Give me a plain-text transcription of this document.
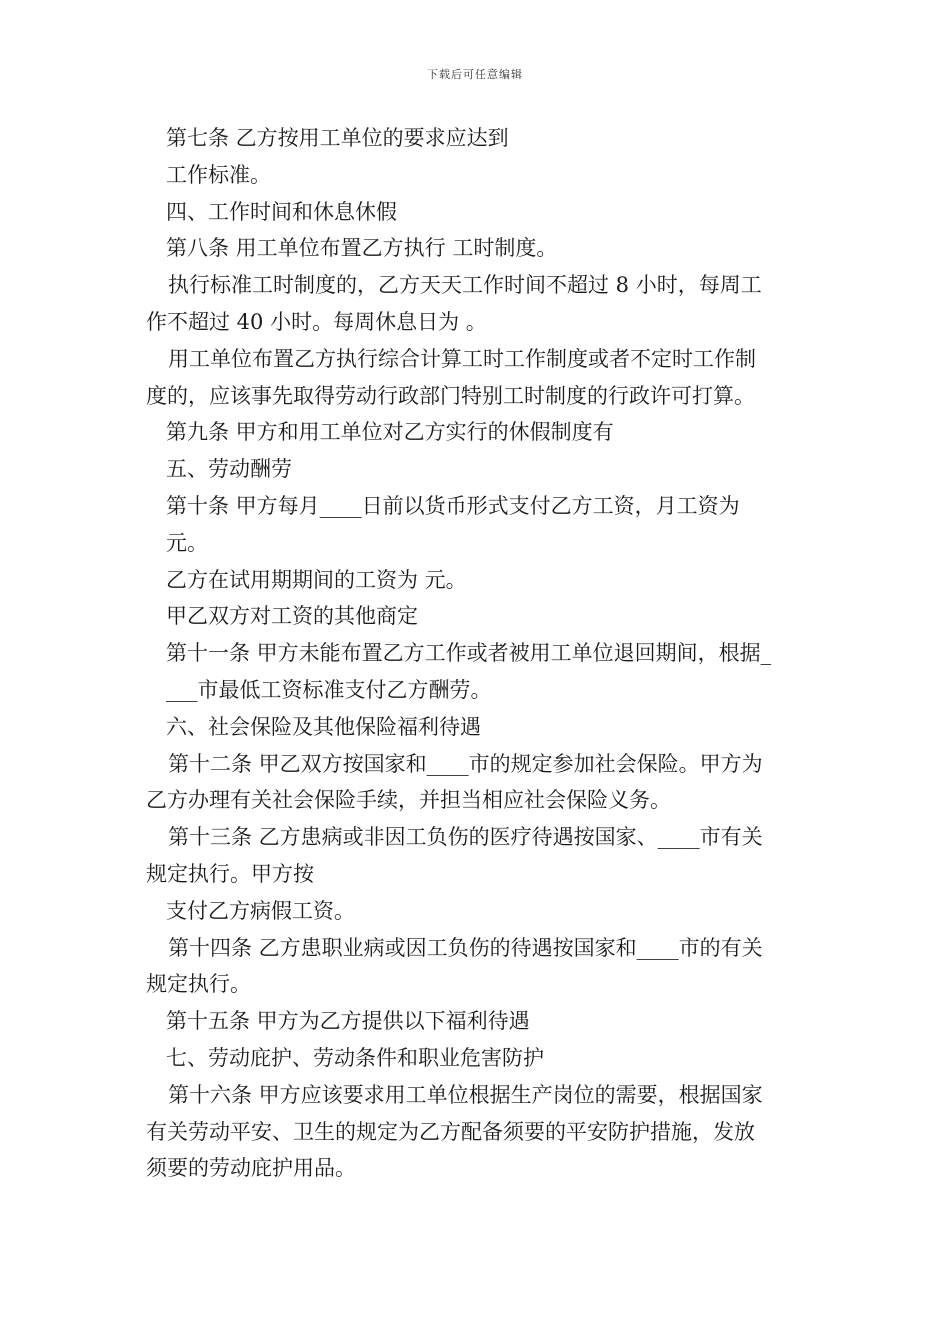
下载后可任意编辑
第七条 乙方按用工单位的要求应达到
工作标准。
四、工作时间和休息休假
第八条 用工单位布置乙方执行 工时制度。
执行标准工时制度的，乙方天天工作时间不超过 8 小时，每周工
作不超过 40 小时。每周休息日为 。
用工单位布置乙方执行综合计算工时工作制度或者不定时工作制
度的，应该事先取得劳动行政部门特别工时制度的行政许可打算。
第九条 甲方和用工单位对乙方实行的休假制度有
五、劳动酬劳
第十条 甲方每月____日前以货币形式支付乙方工资，月工资为
元。
乙方在试用期期间的工资为 元。
甲乙双方对工资的其他商定
第十一条 甲方未能布置乙方工作或者被用工单位退回期间，根据_
___市最低工资标准支付乙方酬劳。
六、社会保险及其他保险福利待遇
第十二条 甲乙双方按国家和____市的规定参加社会保险。甲方为
乙方办理有关社会保险手续，并担当相应社会保险义务。
第十三条 乙方患病或非因工负伤的医疗待遇按国家、____市有关
规定执行。甲方按
支付乙方病假工资。
第十四条 乙方患职业病或因工负伤的待遇按国家和____市的有关
规定执行。
第十五条 甲方为乙方提供以下福利待遇
七、劳动庇护、劳动条件和职业危害防护
第十六条 甲方应该要求用工单位根据生产岗位的需要，根据国家
有关劳动平安、卫生的规定为乙方配备须要的平安防护措施，发放
须要的劳动庇护用品。
